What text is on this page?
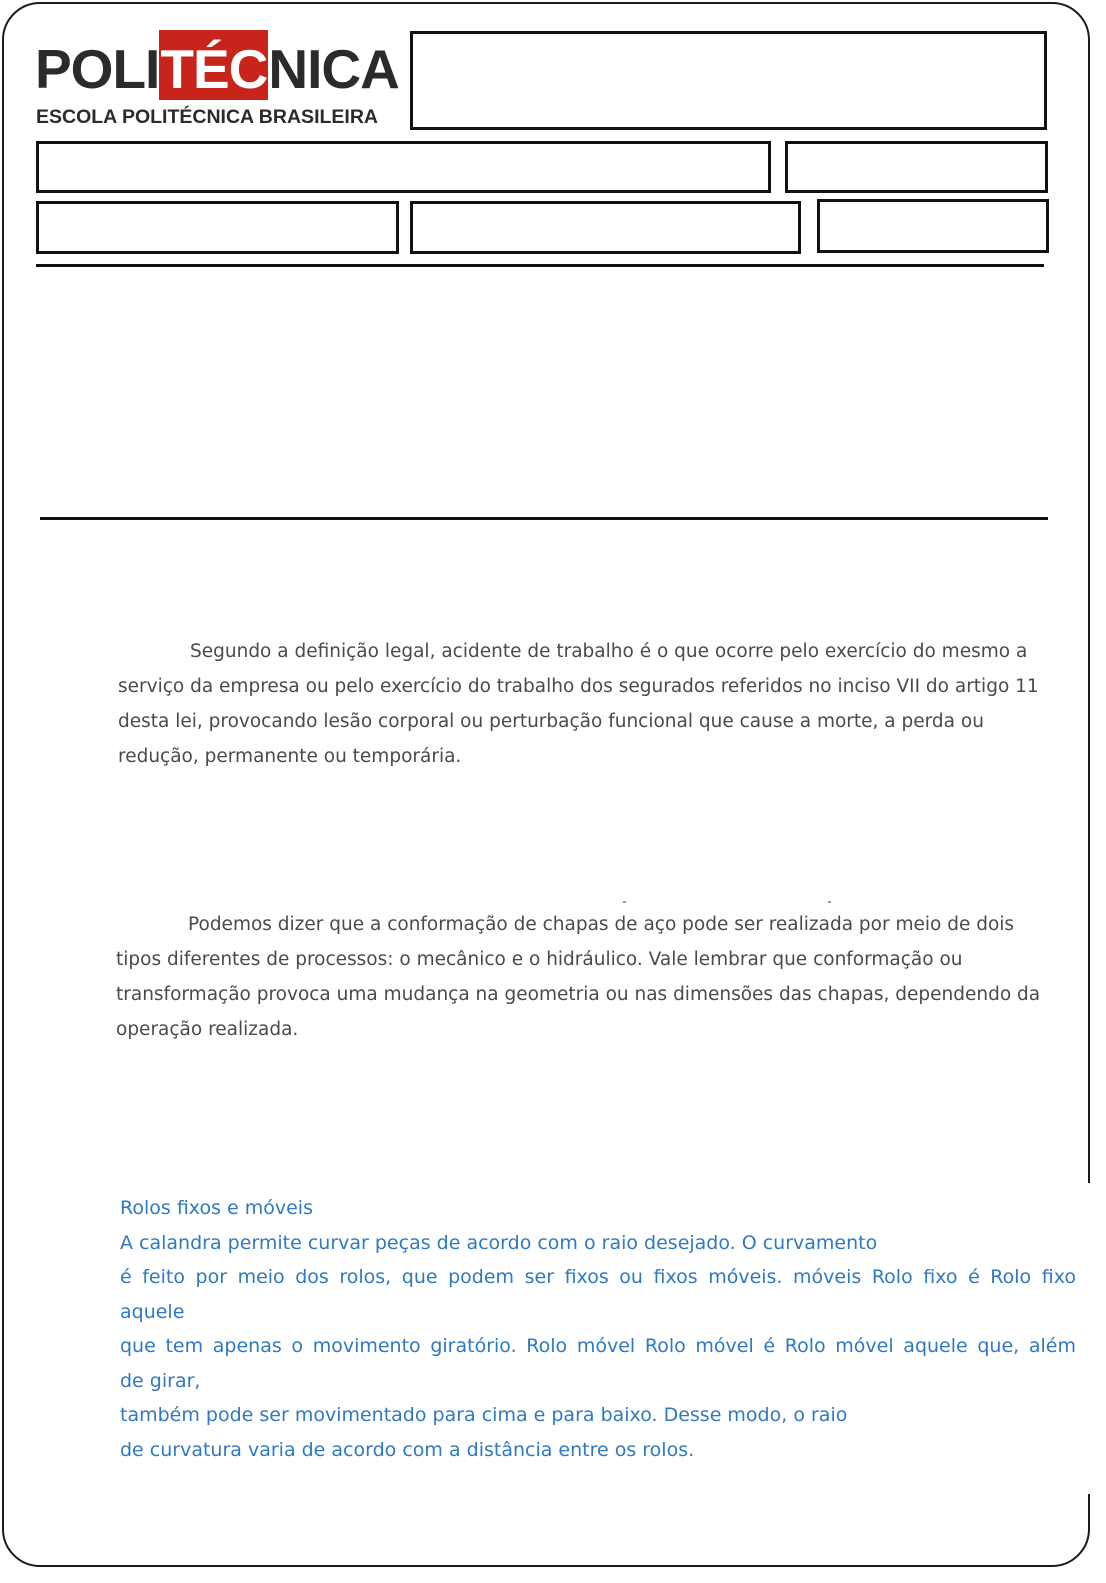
POLITÉCNICA
ESCOLA POLITÉCNICA BRASILEIRA
Segundo a definição legal, acidente de trabalho é o que ocorre pelo exercício do mesmo a
serviço da empresa ou pelo exercício do trabalho dos segurados referidos no inciso VII do artigo 11
desta lei, provocando lesão corporal ou perturbação funcional que cause a morte, a perda ou
redução, permanente ou temporária.
Podemos dizer que a conformação de chapas de aço pode ser realizada por meio de dois
tipos diferentes de processos: o mecânico e o hidráulico. Vale lembrar que conformação ou
transformação provoca uma mudança na geometria ou nas dimensões das chapas, dependendo da
operação realizada.
Rolos fixos e móveis
A calandra permite curvar peças de acordo com o raio desejado. O curvamento
é feito por meio dos rolos, que podem ser fixos ou fixos móveis. móveis Rolo fixo é Rolo fixo
aquele
que tem apenas o movimento giratório. Rolo móvel Rolo móvel é Rolo móvel aquele que, além
de girar,
também pode ser movimentado para cima e para baixo. Desse modo, o raio
de curvatura varia de acordo com a distância entre os rolos.
